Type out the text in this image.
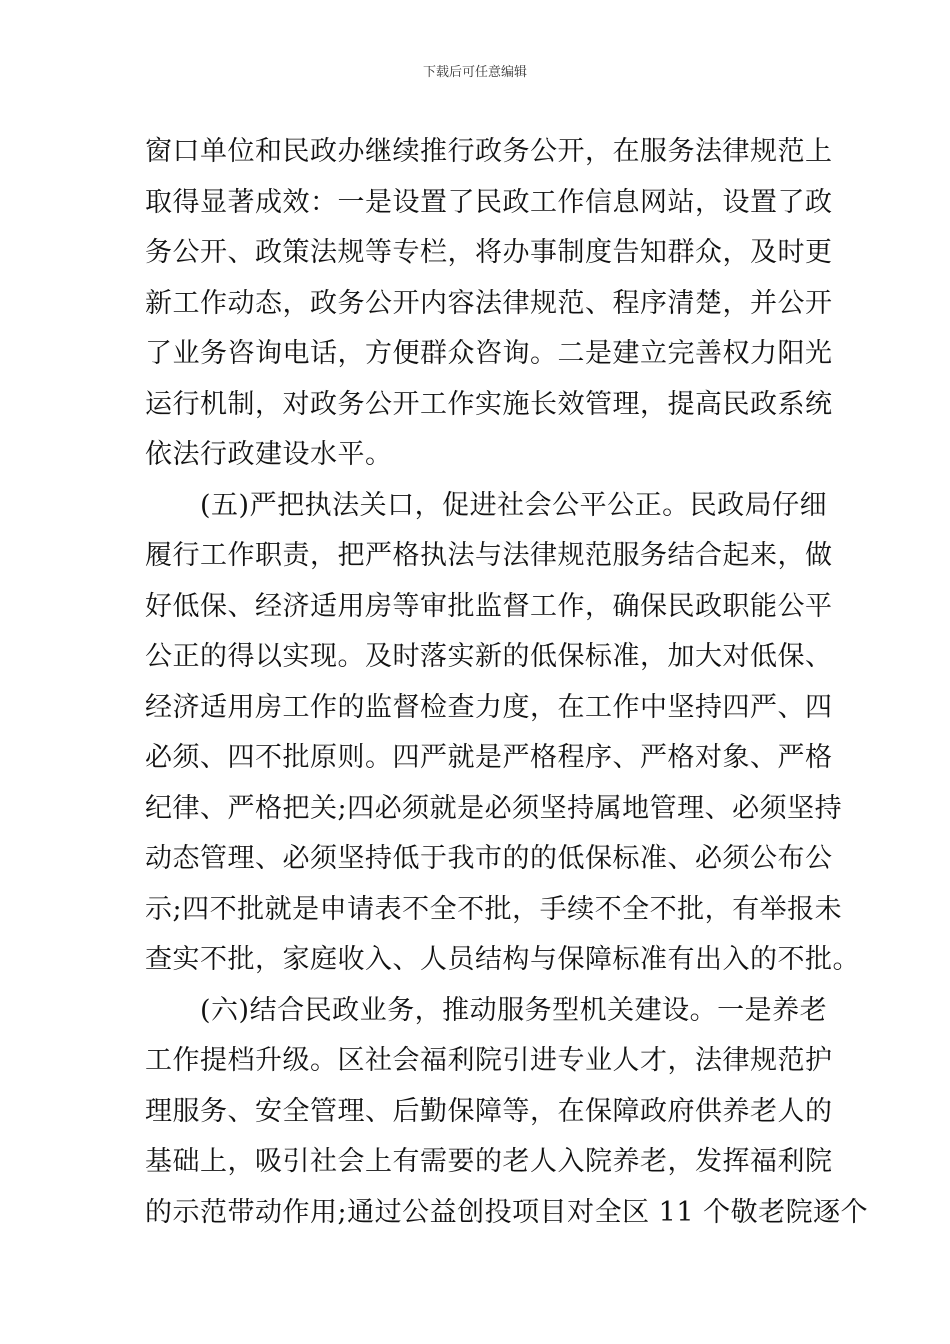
下载后可任意编辑
窗口单位和民政办继续推行政务公开，在服务法律规范上
取得显著成效：一是设置了民政工作信息网站，设置了政
务公开、政策法规等专栏，将办事制度告知群众，及时更
新工作动态，政务公开内容法律规范、程序清楚，并公开
了业务咨询电话，方便群众咨询。二是建立完善权力阳光
运行机制，对政务公开工作实施长效管理，提高民政系统
依法行政建设水平。
　　(五)严把执法关口，促进社会公平公正。民政局仔细
履行工作职责，把严格执法与法律规范服务结合起来，做
好低保、经济适用房等审批监督工作，确保民政职能公平
公正的得以实现。及时落实新的低保标准，加大对低保、
经济适用房工作的监督检查力度，在工作中坚持四严、四
必须、四不批原则。四严就是严格程序、严格对象、严格
纪律、严格把关;四必须就是必须坚持属地管理、必须坚持
动态管理、必须坚持低于我市的的低保标准、必须公布公
示;四不批就是申请表不全不批，手续不全不批，有举报未
查实不批，家庭收入、人员结构与保障标准有出入的不批。
　　(六)结合民政业务，推动服务型机关建设。一是养老
工作提档升级。区社会福利院引进专业人才，法律规范护
理服务、安全管理、后勤保障等，在保障政府供养老人的
基础上，吸引社会上有需要的老人入院养老，发挥福利院
的示范带动作用;通过公益创投项目对全区 11 个敬老院逐个
